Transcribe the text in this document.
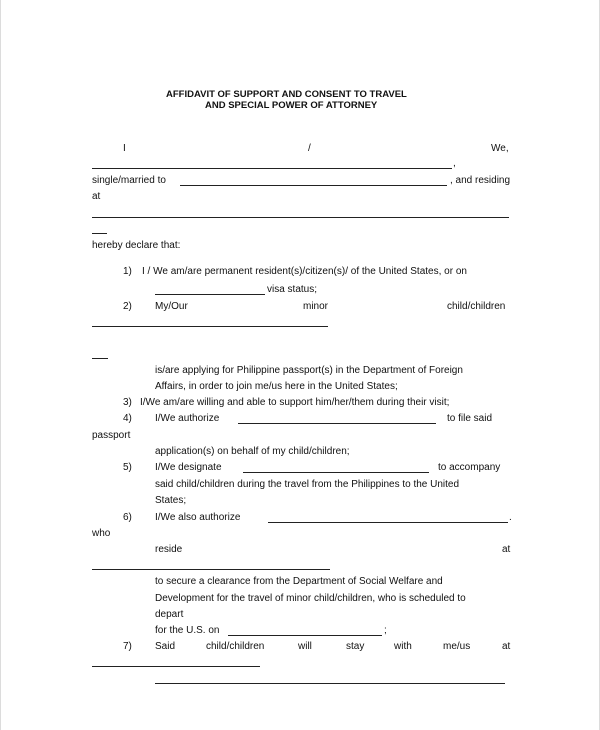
AFFIDAVIT OF SUPPORT AND CONSENT TO TRAVEL
AND SPECIAL POWER OF ATTORNEY
I	/	We,
,
single/married to	, and residing
at
hereby declare that:
1) I / We am/are permanent resident(s)/citizen(s)/ of the United States, or on
visa status;
2) My/Our	minor	child/children
is/are applying for Philippine passport(s) in the Department of Foreign
Affairs, in order to join me/us here in the United States;
3) I/We am/are willing and able to support him/her/them during their visit;
4) I/We authorize	to file said
passport
application(s) on behalf of my child/children;
5) I/We designate	to accompany
said child/children during the travel from the Philippines to the United
States;
6) I/We also authorize	.
who
reside	at
to secure a clearance from the Department of Social Welfare and
Development for the travel of minor child/children, who is scheduled to
depart
for the U.S. on	;
7) Said	child/children	will	stay	with	me/us	at
